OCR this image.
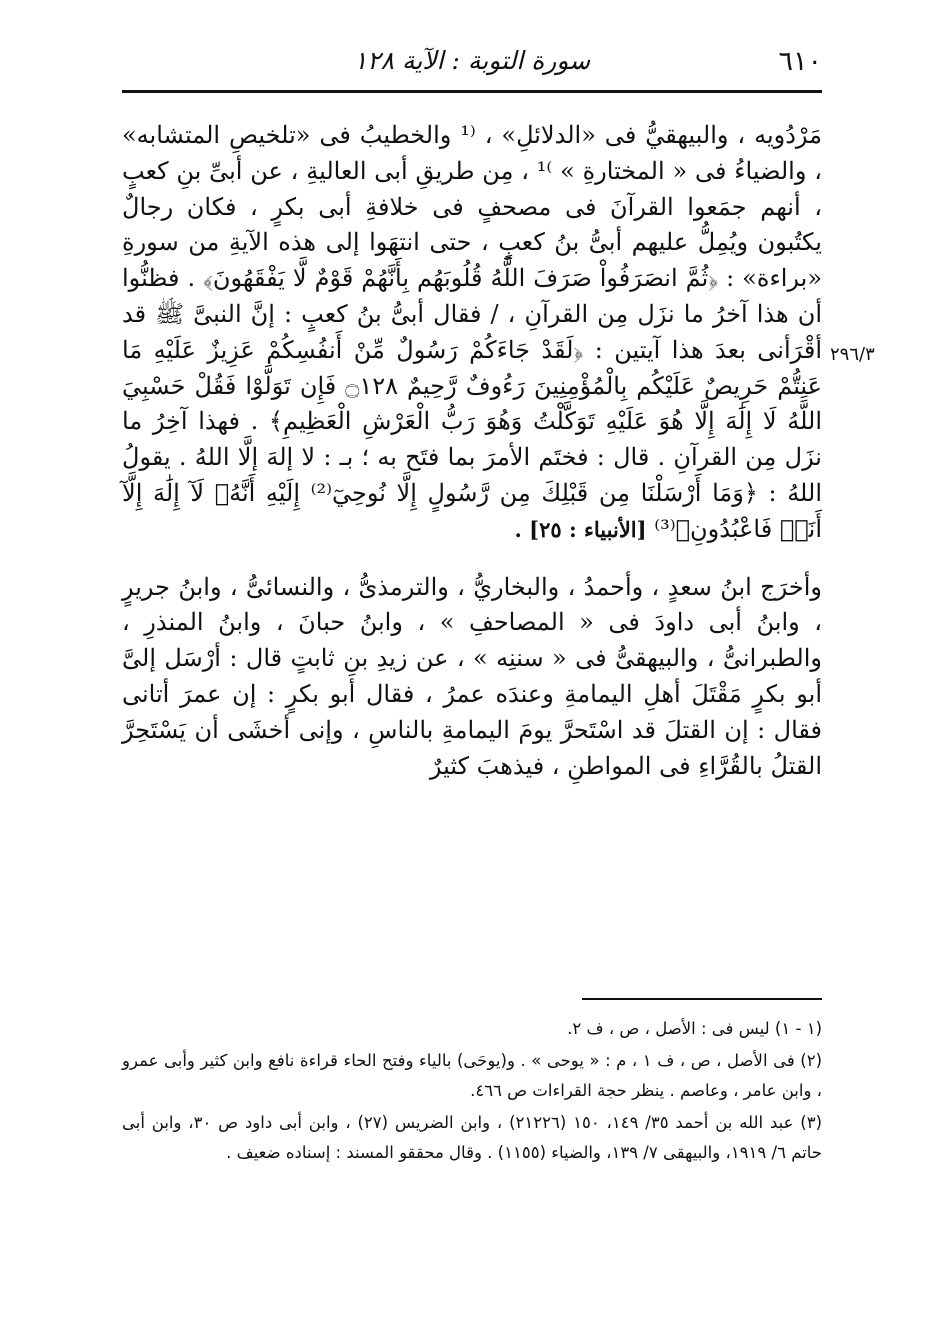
٦١٠
سورة التوبة : الآية ١٢٨
٢٩٦/٣

مَرْدُويه ، والبيهقيُّ فى «الدلائلِ» ، ⁽¹ والخطيبُ فى «تلخيصِ المتشابه» ، والضياءُ فى « المختارةِ » ⁾¹ ، مِن طريقِ أبى العاليةِ ، عن أبىِّ بنِ كعبٍ ، أنهم جمَعوا القرآنَ فى مصحفٍ فى خلافةِ أبى بكرٍ ، فكان رجالٌ يكتُبون ويُمِلُّ عليهم أبىُّ بنُ كعبٍ ، حتى انتهَوا إلى هذه الآيةِ من سورةِ «براءة» : ﴿ثُمَّ انصَرَفُواْ صَرَفَ اللَّهُ قُلُوبَهُم بِأَنَّهُمْ قَوْمٌ لَّا يَفْقَهُونَ﴾ . فظنُّوا أن هذا آخرُ ما نزَل مِن القرآنِ ، / فقال أبىُّ بنُ كعبٍ : إنَّ النبىَّ ﷺ قد أقْرَأنى بعدَ هذا آيتين : ﴿لَقَدْ جَاءَكُمْ رَسُولٌ مِّنْ أَنفُسِكُمْ عَزِيزٌ عَلَيْهِ مَا عَنِتُّمْ حَرِيصٌ عَلَيْكُم بِالْمُؤْمِنِينَ رَءُوفٌ رَّحِيمٌ ۝١٢٨ فَإِن تَوَلَّوْا فَقُلْ حَسْبِيَ اللَّهُ لَا إِلَٰهَ إِلَّا هُوَ عَلَيْهِ تَوَكَّلْتُ وَهُوَ رَبُّ الْعَرْشِ الْعَظِيمِ﴾ . فهذا آخِرُ ما نزَل مِن القرآنِ . قال : فختَم الأمرَ بما فتَح به ؛ بـ : لا إلهَ إلَّا اللهُ . يقولُ اللهُ : ﴿وَمَا أَرْسَلْنَا مِن قَبْلِكَ مِن رَّسُولٍ إِلَّا نُوحِيٓ⁽²⁾ إِلَيْهِ أَنَّهُۥ لَآ إِلَٰهَ إِلَّآ أَنَا۠ فَاعْبُدُونِ﴾⁽³⁾ [الأنبياء : ٢٥] .

وأخرَج ابنُ سعدٍ ، وأحمدُ ، والبخاريُّ ، والترمذىُّ ، والنسائىُّ ، وابنُ جريرٍ ، وابنُ أبى داودَ فى « المصاحفِ » ، وابنُ حبانَ ، وابنُ المنذرِ ، والطبرانىُّ ، والبيهقىُّ فى « سننِه » ، عن زيدِ بنِ ثابتٍ قال : أرْسَل إلىَّ أبو بكرٍ مَقْتَلَ أهلِ اليمامةِ وعندَه عمرُ ، فقال أبو بكرٍ : إن عمرَ أتانى فقال : إن القتلَ قد اسْتَحرَّ يومَ اليمامةِ بالناسِ ، وإنى أخشَى أن يَسْتَحِرَّ القتلُ بالقُرَّاءِ فى المواطنِ ، فيذهبَ كثيرٌ

(١ - ١) ليس فى : الأصل ، ص ، ف ٢.

(٢) فى الأصل ، ص ، ف ١ ، م : « يوحى » . و(يوحَى) بالياء وفتح الحاء قراءة نافع وابن كثير وأبى عمرو ، وابن عامر ، وعاصم . ينظر حجة القراءات ص ٤٦٦.

(٣) عبد الله بن أحمد ٣٥/ ١٤٩، ١٥٠ (٢١٢٢٦) ، وابن الضريس (٢٧) ، وابن أبى داود ص ٣٠، وابن أبى حاتم ٦/ ١٩١٩، والبيهقى ٧/ ١٣٩، والضياء (١١٥٥) . وقال محققو المسند : إسناده ضعيف .
